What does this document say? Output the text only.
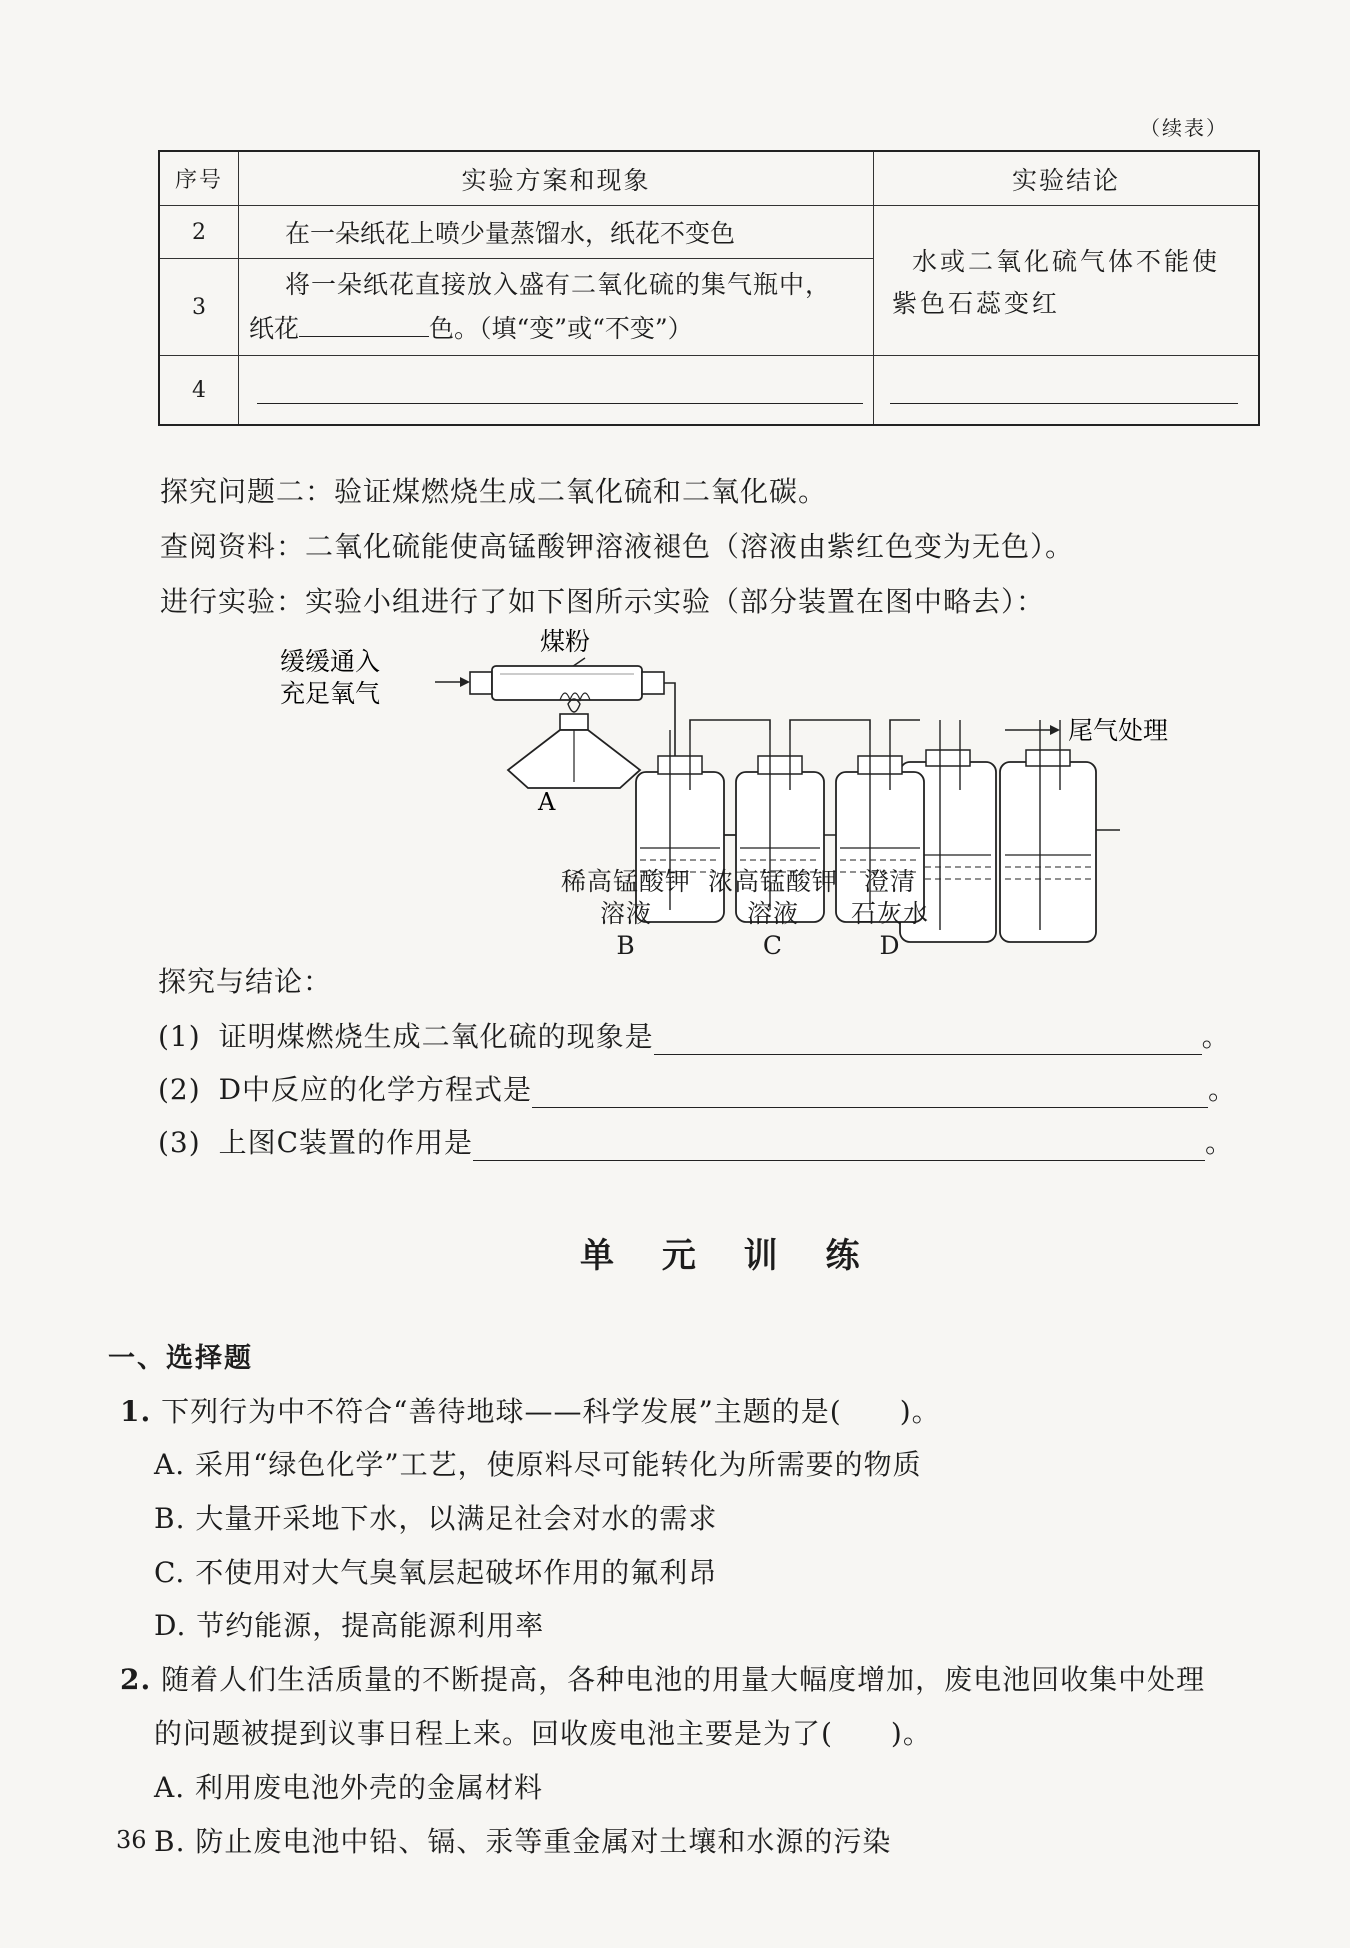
（续表）
序号	实验方案和现象	实验结论
2	在一朵纸花上喷少量蒸馏水，纸花不变色	水或二氧化硫气体不能使紫色石蕊变红

3	将一朵纸花直接放入盛有二氧化硫的集气瓶中，
纸花 色。（填“变”或“不变”）	

4		
探究问题二：验证煤燃烧生成二氧化硫和二氧化碳。
查阅资料：二氧化硫能使高锰酸钾溶液褪色（溶液由紫红色变为无色）。
进行实验：实验小组进行了如下图所示实验（部分装置在图中略去）：
缓缓通入
充足氧气
煤粉
A
尾气处理
稀高锰酸钾
溶液
B
浓高锰酸钾
溶液
C
澄清
石灰水
D
探究与结论：
(1) 证明煤燃烧生成二氧化硫的现象是	。
(2) D中反应的化学方程式是	。
(3) 上图C装置的作用是	。
单 元 训 练
一、选择题
1. 下列行为中不符合“善待地球——科学发展”主题的是(　　)。
A. 采用“绿色化学”工艺，使原料尽可能转化为所需要的物质
B. 大量开采地下水，以满足社会对水的需求
C. 不使用对大气臭氧层起破坏作用的氟利昂
D. 节约能源，提高能源利用率
2. 随着人们生活质量的不断提高，各种电池的用量大幅度增加，废电池回收集中处理
的问题被提到议事日程上来。回收废电池主要是为了(　　)。
A. 利用废电池外壳的金属材料
B. 防止废电池中铅、镉、汞等重金属对土壤和水源的污染
36
